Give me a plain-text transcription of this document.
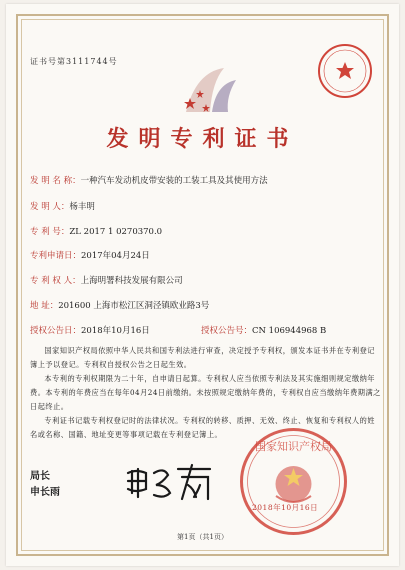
证书号第3111744号
发明专利证书
发 明 名 称：一种汽车发动机皮带安装的工装工具及其使用方法
发 明 人：杨丰明
专 利 号：ZL 2017 1 0270370.0
专利申请日：2017年04月24日
专 利 权 人：上海明署科技发展有限公司
地 址：201600 上海市松江区洞泾镇欧业路3号
授权公告日：2018年10月16日	授权公告号：CN 106944968 B
国家知识产权局依照中华人民共和国专利法进行审查，决定授予专利权，颁发本证书并在专利登记簿上予以登记。专利权自授权公告之日起生效。
本专利的专利权期限为二十年，自申请日起算。专利权人应当依照专利法及其实施细则规定缴纳年费。本专利的年费应当在每年04月24日前缴纳。未按照规定缴纳年费的，专利权自应当缴纳年费期满之日起终止。
专利证书记载专利权登记时的法律状况。专利权的转移、质押、无效、终止、恢复和专利权人的姓名或名称、国籍、地址变更等事项记载在专利登记簿上。
局长
申长雨
国家知识产权局
2018年10月16日
第1页（共1页）
